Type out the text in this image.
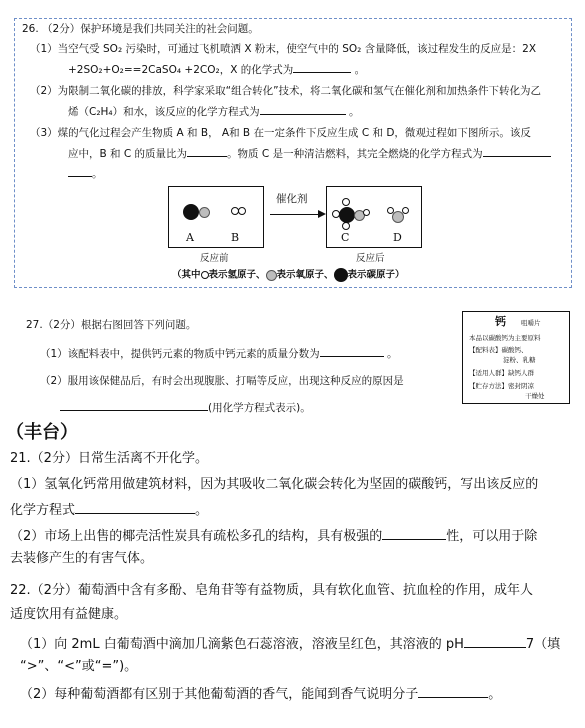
26. （2分）保护环境是我们共同关注的社会问题。
（1）当空气受 SO₂ 污染时，可通过飞机喷洒 X 粉末，使空气中的 SO₂ 含量降低，该过程发生的反应是：2X
+2SO₂+O₂==2CaSO₄ +2CO₂，X 的化学式为	。
（2）为限制二氧化碳的排放，科学家采取“组合转化”技术，将二氧化碳和氢气在催化剂和加热条件下转化为乙
烯（C₂H₄）和水，该反应的化学方程式为	。
（3）煤的气化过程会产生物质 A 和 B， A和 B 在一定条件下反应生成 C 和 D，微观过程如下图所示。该反
应中，B 和 C 的质量比为	。物质 C 是一种清洁燃料，其完全燃烧的化学方程式为
。
A	B
催化剂
C	D
反应前	反应后
（其中 表示氢原子、 表示氧原子、 表示碳原子）
27.（2分）根据右图回答下列问题。
（1）该配料表中，提供钙元素的物质中钙元素的质量分数为	。
（2）服用该保健品后，有时会出现腹胀、打嗝等反应，出现这种反应的原因是
(用化学方程式表示)。
钙 咀嚼片
本品以碳酸钙为主要原料
【配料表】碳酸钙、
淀粉、乳糖
【适用人群】缺钙人群
【贮存方法】密封阴凉
干燥处
（丰台）
21.（2分）日常生活离不开化学。
（1）氢氧化钙常用做建筑材料，因为其吸收二氧化碳会转化为坚固的碳酸钙，写出该反应的
化学方程式	。
（2）市场上出售的椰壳活性炭具有疏松多孔的结构，具有极强的	性，可以用于除
去装修产生的有害气体。
22.（2分）葡萄酒中含有多酚、皂角苷等有益物质，具有软化血管、抗血栓的作用，成年人
适度饮用有益健康。
（1）向 2mL 白葡萄酒中滴加几滴紫色石蕊溶液，溶液呈红色，其溶液的 pH	7（填
“>”、“<”或“=”)。
（2）每种葡萄酒都有区别于其他葡萄酒的香气，能闻到香气说明分子	。
